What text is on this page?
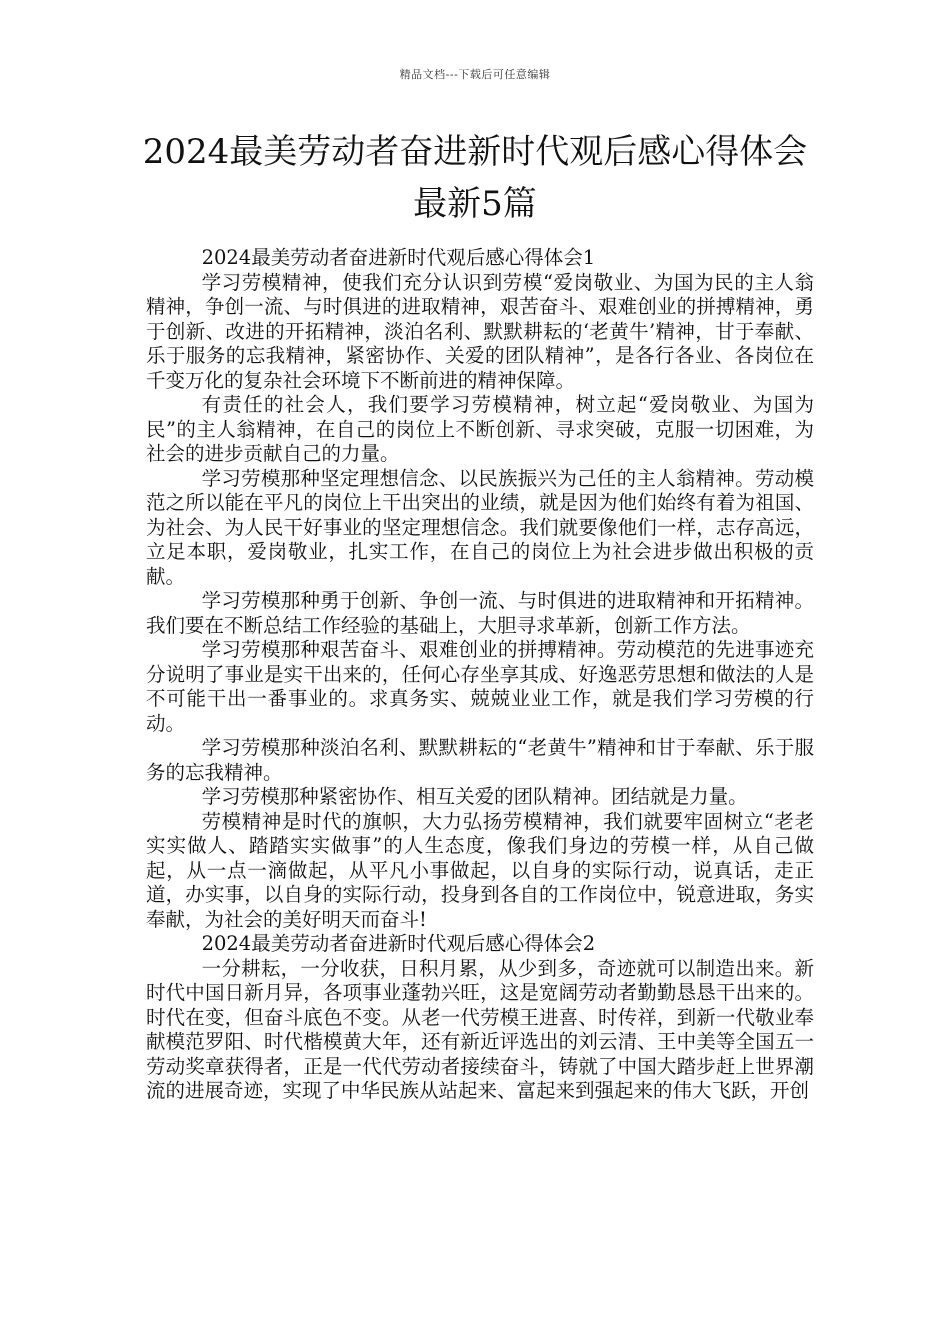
精品文档---下载后可任意编辑
2024最美劳动者奋进新时代观后感心得体会最新5篇
2024最美劳动者奋进新时代观后感心得体会1

学习劳模精神，使我们充分认识到劳模“爱岗敬业、为国为民的主人翁精神，争创一流、与时俱进的进取精神，艰苦奋斗、艰难创业的拼搏精神，勇于创新、改进的开拓精神，淡泊名利、默默耕耘的‘老黄牛’精神，甘于奉献、乐于服务的忘我精神，紧密协作、关爱的团队精神”，是各行各业、各岗位在千变万化的复杂社会环境下不断前进的精神保障。

有责任的社会人，我们要学习劳模精神，树立起“爱岗敬业、为国为民”的主人翁精神，在自己的岗位上不断创新、寻求突破，克服一切困难，为社会的进步贡献自己的力量。

学习劳模那种坚定理想信念、以民族振兴为己任的主人翁精神。劳动模范之所以能在平凡的岗位上干出突出的业绩，就是因为他们始终有着为祖国、为社会、为人民干好事业的坚定理想信念。我们就要像他们一样，志存高远，立足本职，爱岗敬业，扎实工作，在自己的岗位上为社会进步做出积极的贡献。

学习劳模那种勇于创新、争创一流、与时俱进的进取精神和开拓精神。我们要在不断总结工作经验的基础上，大胆寻求革新，创新工作方法。

学习劳模那种艰苦奋斗、艰难创业的拼搏精神。劳动模范的先进事迹充分说明了事业是实干出来的，任何心存坐享其成、好逸恶劳思想和做法的人是不可能干出一番事业的。求真务实、兢兢业业工作，就是我们学习劳模的行动。

学习劳模那种淡泊名利、默默耕耘的“老黄牛”精神和甘于奉献、乐于服务的忘我精神。

学习劳模那种紧密协作、相互关爱的团队精神。团结就是力量。

劳模精神是时代的旗帜，大力弘扬劳模精神，我们就要牢固树立“老老实实做人、踏踏实实做事”的人生态度，像我们身边的劳模一样，从自己做起，从一点一滴做起，从平凡小事做起，以自身的实际行动，说真话，走正道，办实事，以自身的实际行动，投身到各自的工作岗位中，锐意进取，务实奉献，为社会的美好明天而奋斗!

2024最美劳动者奋进新时代观后感心得体会2

一分耕耘，一分收获，日积月累，从少到多，奇迹就可以制造出来。新时代中国日新月异，各项事业蓬勃兴旺，这是宽阔劳动者勤勤恳恳干出来的。时代在变，但奋斗底色不变。从老一代劳模王进喜、时传祥，到新一代敬业奉献模范罗阳、时代楷模黄大年，还有新近评选出的刘云清、王中美等全国五一劳动奖章获得者，正是一代代劳动者接续奋斗，铸就了中国大踏步赶上世界潮流的进展奇迹，实现了中华民族从站起来、富起来到强起来的伟大飞跃，开创
